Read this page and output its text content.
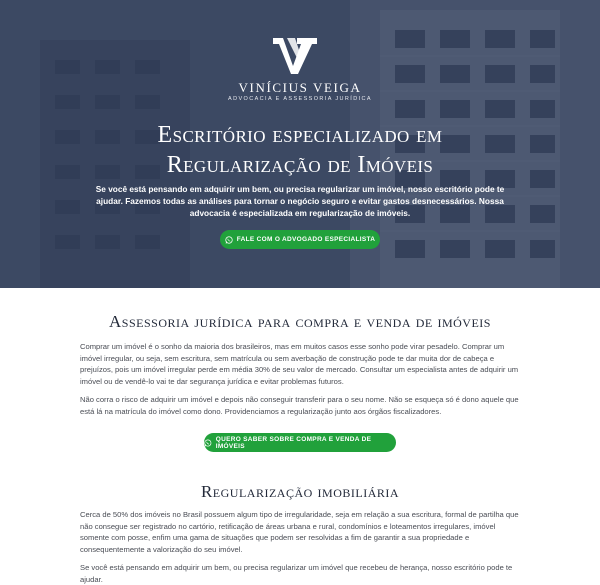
VINÍCIUS VEIGA
ADVOCACIA E ASSESSORIA JURÍDICA
Escritório especializado em
Regularização de Imóveis
Se você está pensando em adquirir um bem, ou precisa regularizar um imóvel, nosso escritório pode te ajudar. Fazemos todas as análises para tornar o negócio seguro e evitar gastos desnecessários. Nossa advocacia é especializada em regularização de imóveis.
FALE COM O ADVOGADO ESPECIALISTA
Assessoria jurídica para compra e venda de imóveis
Comprar um imóvel é o sonho da maioria dos brasileiros, mas em muitos casos esse sonho pode virar pesadelo. Comprar um imóvel irregular, ou seja, sem escritura, sem matrícula ou sem averbação de construção pode te dar muita dor de cabeça e prejuízos, pois um imóvel irregular perde em média 30% de seu valor de mercado. Consultar um especialista antes de adquirir um imóvel ou de vendê-lo vai te dar segurança jurídica e evitar problemas futuros.
Não corra o risco de adquirir um imóvel e depois não conseguir transferir para o seu nome. Não se esqueça só é dono aquele que está lá na matrícula do imóvel como dono. Providenciamos a regularização junto aos órgãos fiscalizadores.
QUERO SABER SOBRE COMPRA E VENDA DE IMÓVEIS
Regularização imobiliária
Cerca de 50% dos imóveis no Brasil possuem algum tipo de irregularidade, seja em relação a sua escritura, formal de partilha que não consegue ser registrado no cartório, retificação de áreas urbana e rural, condomínios e loteamentos irregulares, imóvel somente com posse, enfim uma gama de situações que podem ser resolvidas a fim de garantir a sua propriedade e consequentemente a valorização do seu imóvel.
Se você está pensando em adquirir um bem, ou precisa regularizar um imóvel que recebeu de herança, nosso escritório pode te ajudar.
